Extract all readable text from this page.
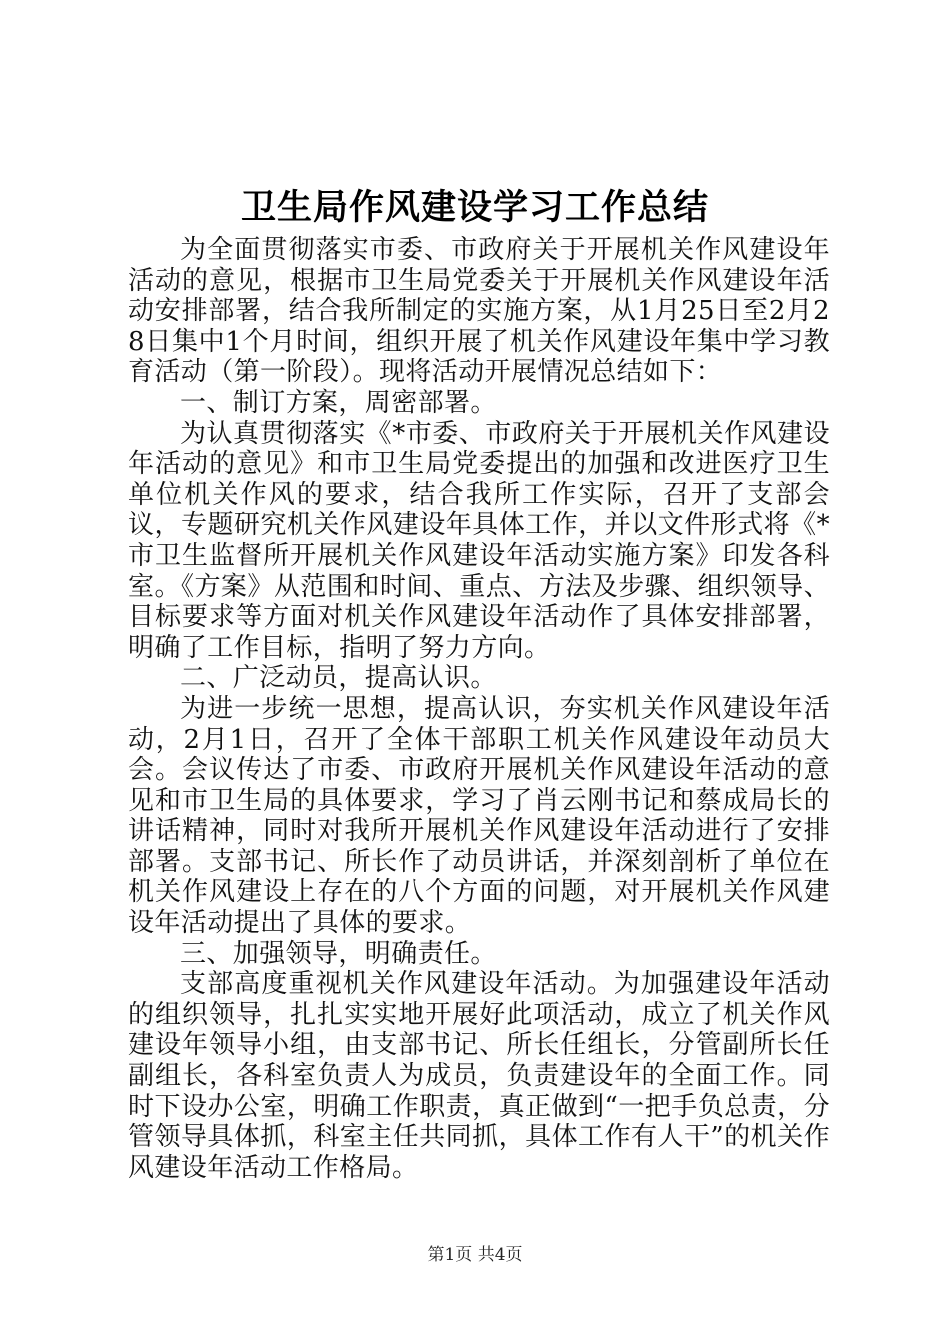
卫生局作风建设学习工作总结

为全面贯彻落实市委、市政府关于开展机关作风建设年活动的意见，根据市卫生局党委关于开展机关作风建设年活动安排部署，结合我所制定的实施方案，从1月25日至2月28日集中1个月时间，组织开展了机关作风建设年集中学习教育活动（第一阶段）。现将活动开展情况总结如下：

一、制订方案，周密部署。

为认真贯彻落实《*市委、市政府关于开展机关作风建设年活动的意见》和市卫生局党委提出的加强和改进医疗卫生单位机关作风的要求，结合我所工作实际，召开了支部会议，专题研究机关作风建设年具体工作，并以文件形式将《*市卫生监督所开展机关作风建设年活动实施方案》印发各科室。《方案》从范围和时间、重点、方法及步骤、组织领导、目标要求等方面对机关作风建设年活动作了具体安排部署，明确了工作目标，指明了努力方向。

二、广泛动员，提高认识。

为进一步统一思想，提高认识，夯实机关作风建设年活动，2月1日，召开了全体干部职工机关作风建设年动员大会。会议传达了市委、市政府开展机关作风建设年活动的意见和市卫生局的具体要求，学习了肖云刚书记和蔡成局长的讲话精神，同时对我所开展机关作风建设年活动进行了安排部署。支部书记、所长作了动员讲话，并深刻剖析了单位在机关作风建设上存在的八个方面的问题，对开展机关作风建设年活动提出了具体的要求。

三、加强领导，明确责任。

支部高度重视机关作风建设年活动。为加强建设年活动的组织领导，扎扎实实地开展好此项活动，成立了机关作风建设年领导小组，由支部书记、所长任组长，分管副所长任副组长，各科室负责人为成员，负责建设年的全面工作。同时下设办公室，明确工作职责，真正做到“一把手负总责，分管领导具体抓，科室主任共同抓，具体工作有人干”的机关作风建设年活动工作格局。

第1页 共4页
